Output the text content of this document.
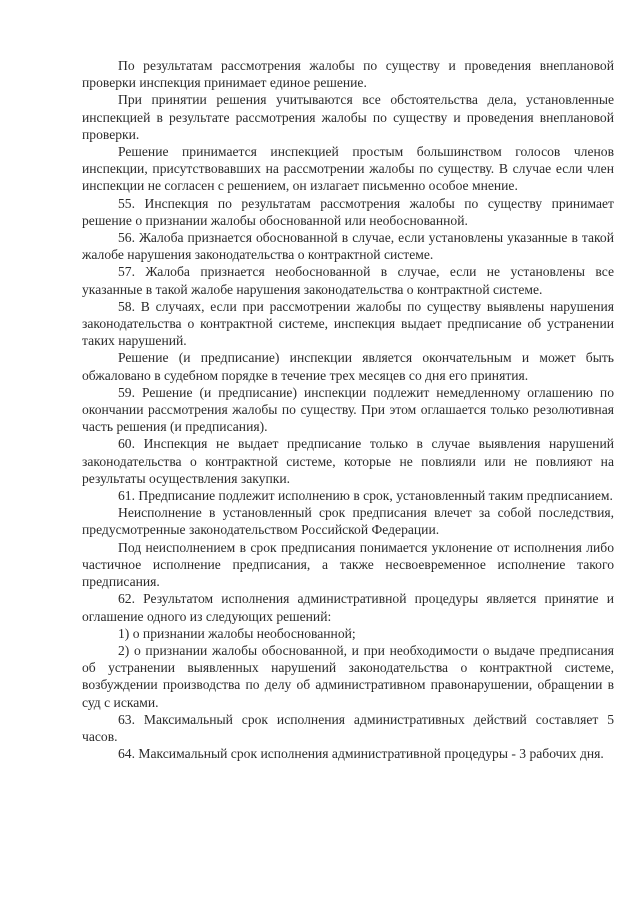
По результатам рассмотрения жалобы по существу и проведения внеплановой проверки инспекция принимает единое решение.

При принятии решения учитываются все обстоятельства дела, установленные инспекцией в результате рассмотрения жалобы по существу и проведения внеплановой проверки.

Решение принимается инспекцией простым большинством голосов членов инспекции, присутствовавших на рассмотрении жалобы по существу. В случае если член инспекции не согласен с решением, он излагает письменно особое мнение.

55. Инспекция по результатам рассмотрения жалобы по существу принимает решение о признании жалобы обоснованной или необоснованной.

56. Жалоба признается обоснованной в случае, если установлены указанные в такой жалобе нарушения законодательства о контрактной системе.

57. Жалоба признается необоснованной в случае, если не установлены все указанные в такой жалобе нарушения законодательства о контрактной системе.

58. В случаях, если при рассмотрении жалобы по существу выявлены нарушения законодательства о контрактной системе, инспекция выдает предписание об устранении таких нарушений.

Решение (и предписание) инспекции является окончательным и может быть обжаловано в судебном порядке в течение трех месяцев со дня его принятия.

59. Решение (и предписание) инспекции подлежит немедленному оглашению по окончании рассмотрения жалобы по существу. При этом оглашается только резолютивная часть решения (и предписания).

60. Инспекция не выдает предписание только в случае выявления нарушений законодательства о контрактной системе, которые не повлияли или не повлияют на результаты осуществления закупки.

61. Предписание подлежит исполнению в срок, установленный таким предписанием.

Неисполнение в установленный срок предписания влечет за собой последствия, предусмотренные законодательством Российской Федерации.

Под неисполнением в срок предписания понимается уклонение от исполнения либо частичное исполнение предписания, а также несвоевременное исполнение такого предписания.

62. Результатом исполнения административной процедуры является принятие и оглашение одного из следующих решений:

1) о признании жалобы необоснованной;

2) о признании жалобы обоснованной, и при необходимости о выдаче предписания об устранении выявленных нарушений законодательства о контрактной системе, возбуждении производства по делу об административном правонарушении, обращении в суд с исками.

63. Максимальный срок исполнения административных действий составляет 5 часов.

64. Максимальный срок исполнения административной процедуры - 3 рабочих дня.
